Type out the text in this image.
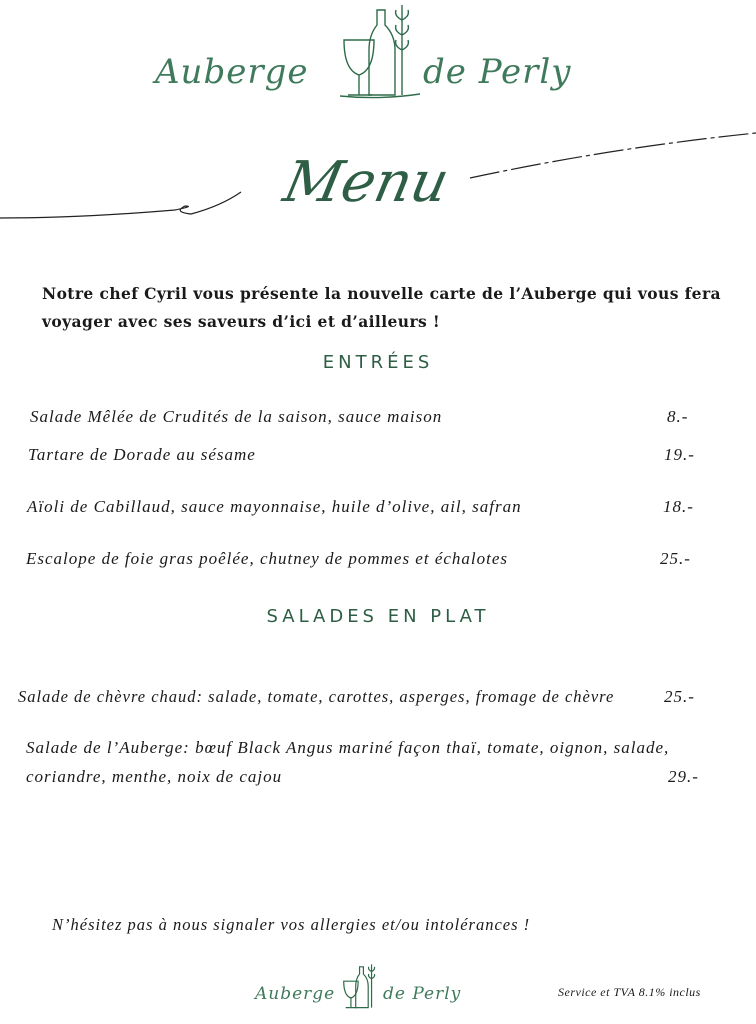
Auberge	de Perly
Menu
Notre chef Cyril vous présente la nouvelle carte de l’Auberge qui vous fera
voyager avec ses saveurs d’ici et d’ailleurs !
ENTRÉES
Salade Mêlée de Crudités de la saison, sauce maison	8.-
Tartare de Dorade au sésame	19.-
Aïoli de Cabillaud, sauce mayonnaise, huile d’olive, ail, safran	18.-
Escalope de foie gras poêlée, chutney de pommes et échalotes	25.-
SALADES EN PLAT
Salade de chèvre chaud: salade, tomate, carottes, asperges, fromage de chèvre	25.-
Salade de l’Auberge: bœuf Black Angus mariné façon thaï, tomate, oignon, salade,
coriandre, menthe, noix de cajou	29.-
N’hésitez pas à nous signaler vos allergies et/ou intolérances !
Auberge	de Perly	Service et TVA 8.1% inclus
